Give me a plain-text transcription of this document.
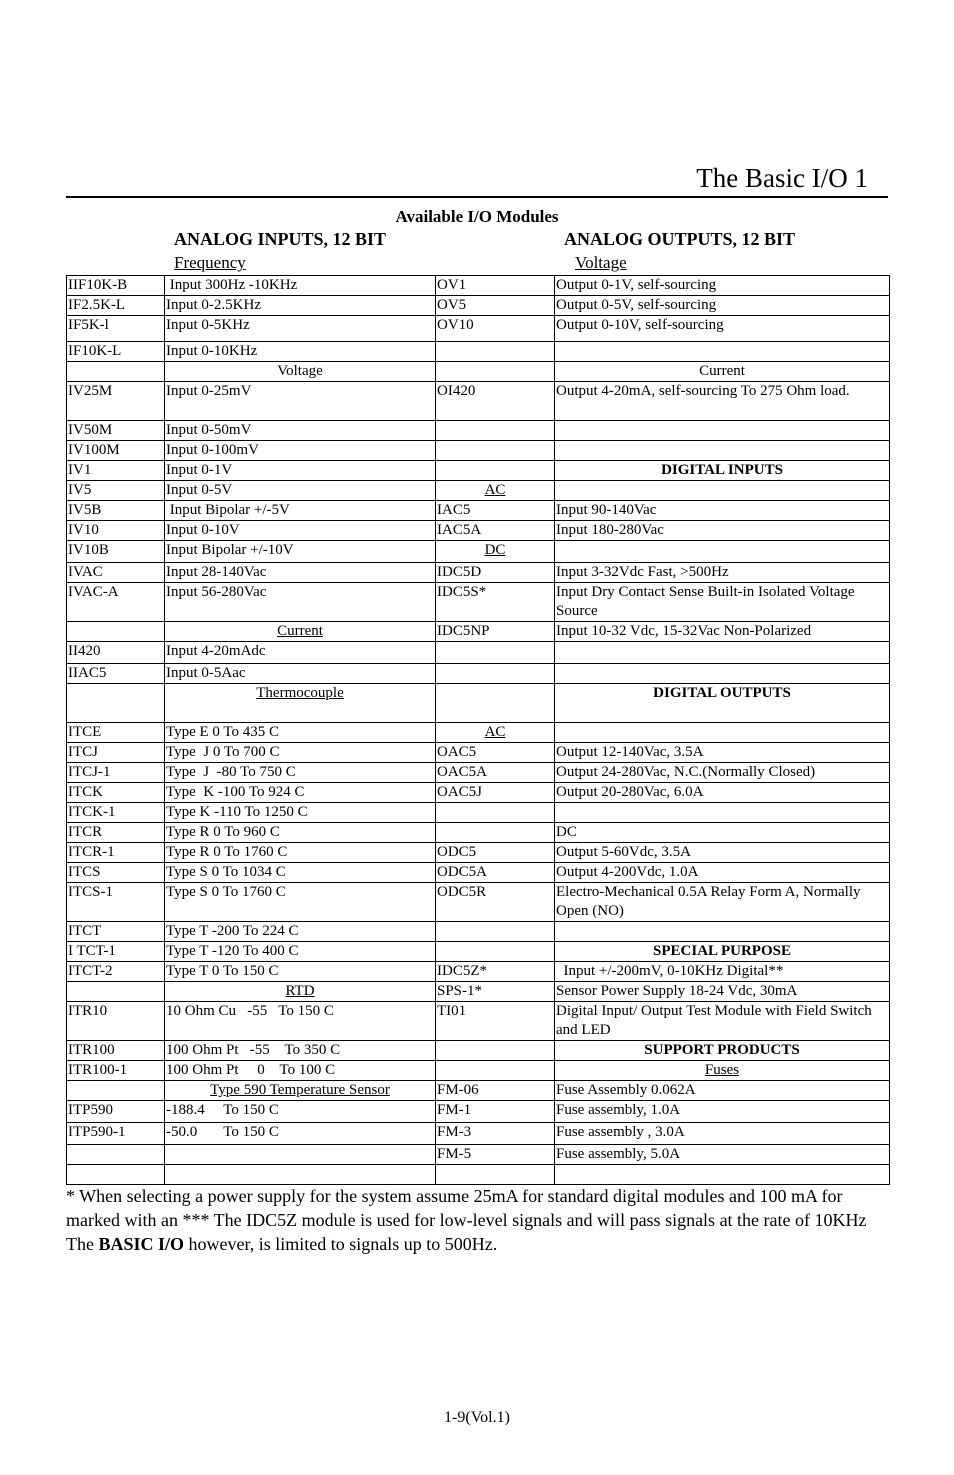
The Basic I/O 1
Available I/O Modules
ANALOG INPUTS, 12 BIT	ANALOG OUTPUTS, 12 BIT
Frequency	Voltage
IIF10K-B	Input 300Hz -10KHz	OV1	Output 0-1V, self-sourcing
IF2.5K-L	Input 0-2.5KHz	OV5	Output 0-5V, self-sourcing
IF5K-l	Input 0-5KHz	OV10	Output 0-10V, self-sourcing
IF10K-L	Input 0-10KHz		
	Voltage		Current
IV25M	Input 0-25mV	OI420	Output 4-20mA, self-sourcing To 275 Ohm load.
IV50M	Input 0-50mV		
IV100M	Input 0-100mV		
IV1	Input 0-1V		DIGITAL INPUTS
IV5	Input 0-5V	AC	
IV5B	Input Bipolar +/-5V	IAC5	Input 90-140Vac
IV10	Input 0-10V	IAC5A	Input 180-280Vac
IV10B	Input Bipolar +/-10V	DC	
IVAC	Input 28-140Vac	IDC5D	Input 3-32Vdc Fast, >500Hz
IVAC-A	Input 56-280Vac	IDC5S*	Input Dry Contact Sense Built-in Isolated Voltage Source
	Current	IDC5NP	Input 10-32 Vdc, 15-32Vac Non-Polarized
II420	Input 4-20mAdc		
IIAC5	Input 0-5Aac		
	Thermocouple		DIGITAL OUTPUTS
ITCE	Type E 0 To 435 C	AC	
ITCJ	Type  J 0 To 700 C	OAC5	Output 12-140Vac, 3.5A
ITCJ-1	Type  J  -80 To 750 C	OAC5A	Output 24-280Vac, N.C.(Normally Closed)
ITCK	Type  K -100 To 924 C	OAC5J	Output 20-280Vac, 6.0A
ITCK-1	Type K -110 To 1250 C		
ITCR	Type R 0 To 960 C		DC
ITCR-1	Type R 0 To 1760 C	ODC5	Output 5-60Vdc, 3.5A
ITCS	Type S 0 To 1034 C	ODC5A	Output 4-200Vdc, 1.0A
ITCS-1	Type S 0 To 1760 C	ODC5R	Electro-Mechanical 0.5A Relay Form A, Normally Open (NO)
ITCT	Type T -200 To 224 C		
I TCT-1	Type T -120 To 400 C		SPECIAL PURPOSE
ITCT-2	Type T 0 To 150 C	IDC5Z*	Input +/-200mV, 0-10KHz Digital**
	RTD	SPS-1*	Sensor Power Supply 18-24 Vdc, 30mA
ITR10	10 Ohm Cu   -55   To 150 C	TI01	Digital Input/ Output Test Module with Field Switch and LED
ITR100	100 Ohm Pt   -55    To 350 C		SUPPORT PRODUCTS
ITR100-1	100 Ohm Pt     0    To 100 C		Fuses
	Type 590 Temperature Sensor	FM-06	Fuse Assembly 0.062A
ITP590	-188.4     To 150 C	FM-1	Fuse assembly, 1.0A
ITP590-1	-50.0       To 150 C	FM-3	Fuse assembly , 3.0A
		FM-5	Fuse assembly, 5.0A

* When selecting a power supply for the system assume 25mA for standard digital modules and 100 mA for marked with an *** The IDC5Z module is used for low-level signals and will pass signals at the rate of 10KHz The BASIC I/O however, is limited to signals up to 500Hz.
1-9(Vol.1)
